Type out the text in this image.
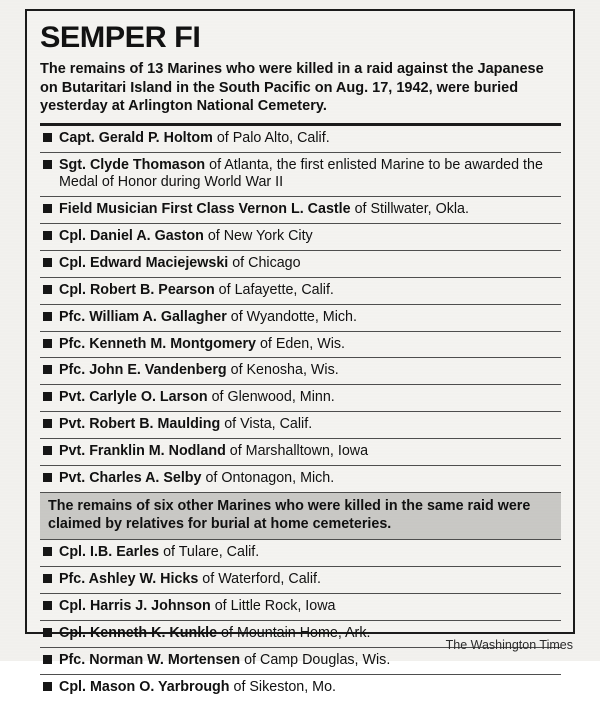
SEMPER FI
The remains of 13 Marines who were killed in a raid against the Japanese on Butaritari Island in the South Pacific on Aug. 17, 1942, were buried yesterday at Arlington National Cemetery.
Capt. Gerald P. Holtom of Palo Alto, Calif.
Sgt. Clyde Thomason of Atlanta, the first enlisted Marine to be awarded the Medal of Honor during World War II
Field Musician First Class Vernon L. Castle of Stillwater, Okla.
Cpl. Daniel A. Gaston of New York City
Cpl. Edward Maciejewski of Chicago
Cpl. Robert B. Pearson of Lafayette, Calif.
Pfc. William A. Gallagher of Wyandotte, Mich.
Pfc. Kenneth M. Montgomery of Eden, Wis.
Pfc. John E. Vandenberg of Kenosha, Wis.
Pvt. Carlyle O. Larson of Glenwood, Minn.
Pvt. Robert B. Maulding of Vista, Calif.
Pvt. Franklin M. Nodland of Marshalltown, Iowa
Pvt. Charles A. Selby of Ontonagon, Mich.
The remains of six other Marines who were killed in the same raid were claimed by relatives for burial at home cemeteries.
Cpl. I.B. Earles of Tulare, Calif.
Pfc. Ashley W. Hicks of Waterford, Calif.
Cpl. Harris J. Johnson of Little Rock, Iowa
Cpl. Kenneth K. Kunkle of Mountain Home, Ark.
Pfc. Norman W. Mortensen of Camp Douglas, Wis.
Cpl. Mason O. Yarbrough of Sikeston, Mo.
The Washington Times
